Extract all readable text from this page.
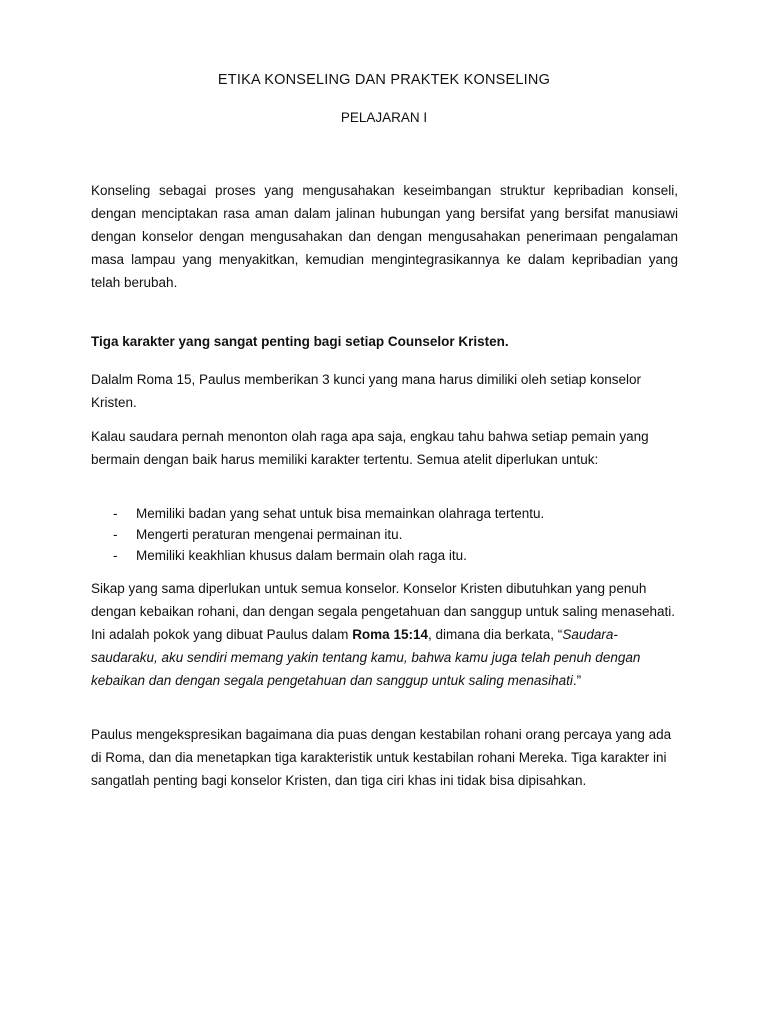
ETIKA KONSELING DAN PRAKTEK KONSELING
PELAJARAN I
Konseling sebagai proses yang mengusahakan keseimbangan struktur kepribadian konseli, dengan menciptakan rasa aman dalam jalinan hubungan yang bersifat yang bersifat manusiawi dengan konselor dengan mengusahakan dan dengan mengusahakan penerimaan pengalaman masa lampau yang menyakitkan, kemudian mengintegrasikannya ke dalam kepribadian yang telah berubah.
Tiga karakter yang sangat penting bagi setiap Counselor Kristen.
Dalalm Roma 15, Paulus memberikan 3 kunci yang mana harus dimiliki oleh setiap konselor Kristen.
Kalau saudara pernah menonton olah raga apa saja, engkau tahu bahwa setiap pemain yang bermain dengan baik harus memiliki karakter tertentu. Semua atelit diperlukan untuk:
- Memiliki badan yang sehat untuk bisa memainkan olahraga tertentu.
- Mengerti peraturan mengenai permainan itu.
- Memiliki keakhlian khusus dalam bermain olah raga itu.
Sikap yang sama diperlukan untuk semua konselor. Konselor Kristen dibutuhkan yang penuh dengan kebaikan rohani, dan dengan segala pengetahuan dan sanggup untuk saling menasehati. Ini adalah pokok yang dibuat Paulus dalam Roma 15:14, dimana dia berkata, “Saudara-saudaraku, aku sendiri memang yakin tentang kamu, bahwa kamu juga telah penuh dengan kebaikan dan dengan segala pengetahuan dan sanggup untuk saling menasihati.”
Paulus mengekspresikan bagaimana dia puas dengan kestabilan rohani orang percaya yang ada di Roma, dan dia menetapkan tiga karakteristik untuk kestabilan rohani Mereka. Tiga karakter ini sangatlah penting bagi konselor Kristen, dan tiga ciri khas ini tidak bisa dipisahkan.
